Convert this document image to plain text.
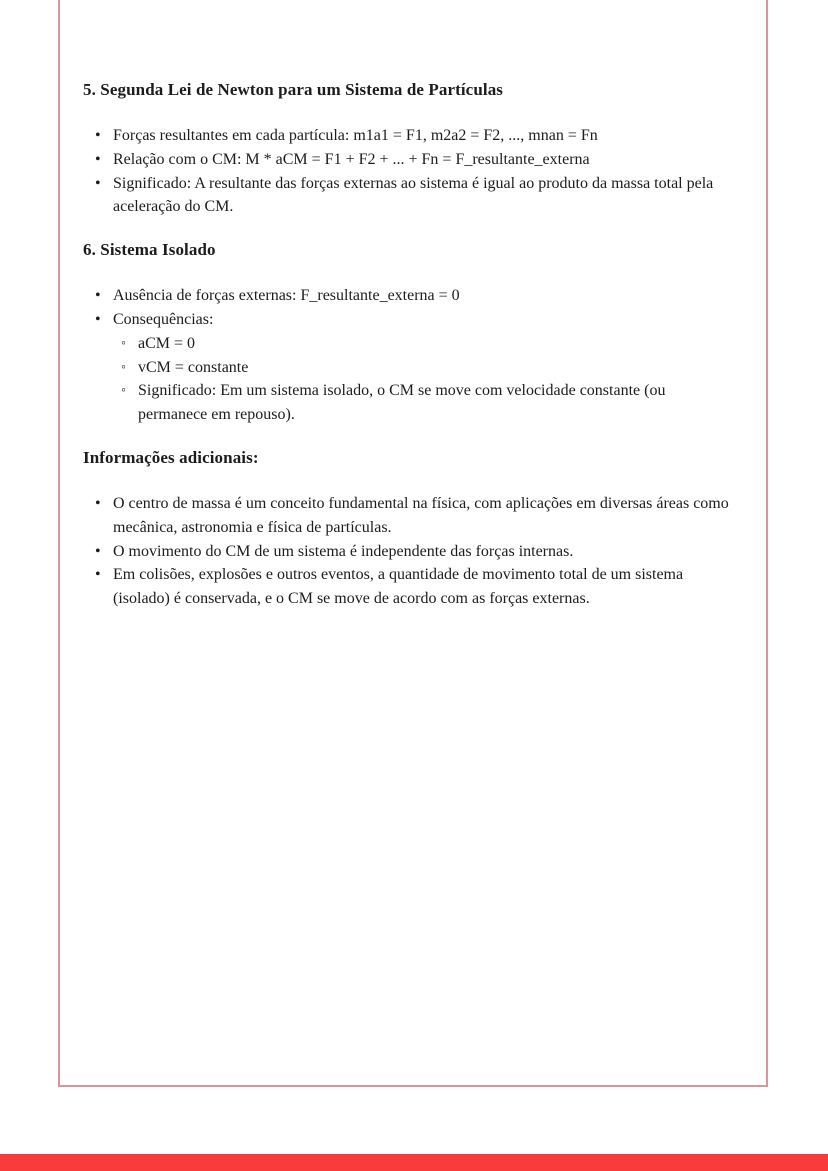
5. Segunda Lei de Newton para um Sistema de Partículas
• Forças resultantes em cada partícula: m1a1 = F1, m2a2 = F2, ..., mnan = Fn
• Relação com o CM: M * aCM = F1 + F2 + ... + Fn = F_resultante_externa
• Significado: A resultante das forças externas ao sistema é igual ao produto da massa total pela aceleração do CM.
6. Sistema Isolado
• Ausência de forças externas: F_resultante_externa = 0
• Consequências:
◦ aCM = 0
◦ vCM = constante
◦ Significado: Em um sistema isolado, o CM se move com velocidade constante (ou permanece em repouso).
Informações adicionais:
• O centro de massa é um conceito fundamental na física, com aplicações em diversas áreas como mecânica, astronomia e física de partículas.
• O movimento do CM de um sistema é independente das forças internas.
• Em colisões, explosões e outros eventos, a quantidade de movimento total de um sistema (isolado) é conservada, e o CM se move de acordo com as forças externas.
